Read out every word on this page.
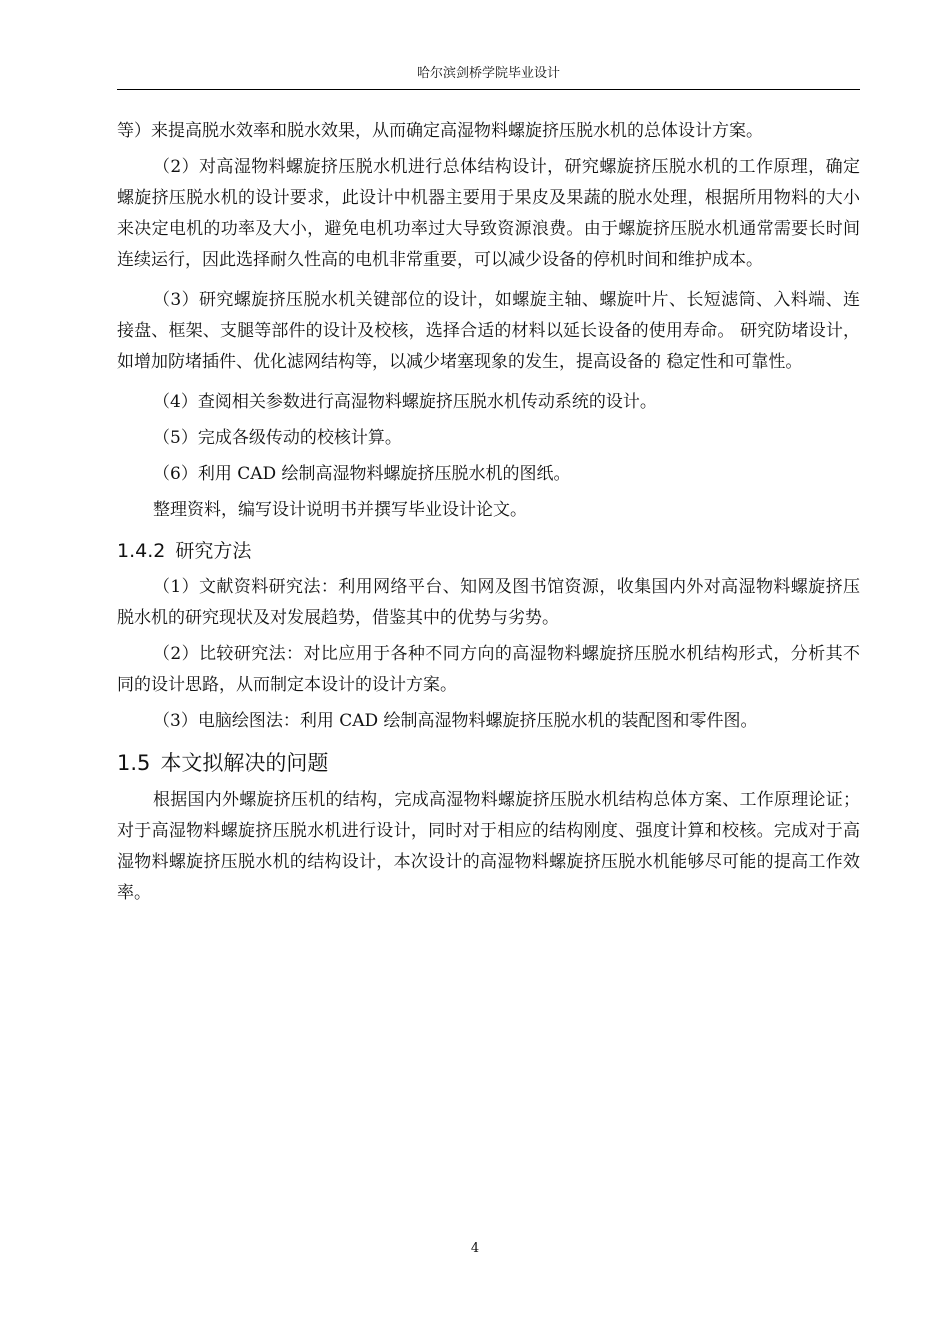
哈尔滨剑桥学院毕业设计

等）来提高脱水效率和脱水效果，从而确定高湿物料螺旋挤压脱水机的总体设计方案。

（2）对高湿物料螺旋挤压脱水机进行总体结构设计，研究螺旋挤压脱水机的工作原理，确定螺旋挤压脱水机的设计要求，此设计中机器主要用于果皮及果蔬的脱水处理，根据所用物料的大小来决定电机的功率及大小，避免电机功率过大导致资源浪费。由于螺旋挤压脱水机通常需要长时间连续运行，因此选择耐久性高的电机非常重要，可以减少设备的停机时间和维护成本。

（3）研究螺旋挤压脱水机关键部位的设计，如螺旋主轴、螺旋叶片、长短滤筒、入料端、连接盘、框架、支腿等部件的设计及校核，选择合适的材料以延长设备的使用寿命。 研究防堵设计，如增加防堵插件、优化滤网结构等，以减少堵塞现象的发生，提高设备的 稳定性和可靠性。

（4）查阅相关参数进行高湿物料螺旋挤压脱水机传动系统的设计。

（5）完成各级传动的校核计算。

（6）利用 CAD 绘制高湿物料螺旋挤压脱水机的图纸。

整理资料，编写设计说明书并撰写毕业设计论文。

1.4.2 研究方法

（1）文献资料研究法：利用网络平台、知网及图书馆资源，收集国内外对高湿物料螺旋挤压脱水机的研究现状及对发展趋势，借鉴其中的优势与劣势。

（2）比较研究法：对比应用于各种不同方向的高湿物料螺旋挤压脱水机结构形式，分析其不同的设计思路，从而制定本设计的设计方案。

（3）电脑绘图法：利用 CAD 绘制高湿物料螺旋挤压脱水机的装配图和零件图。

1.5 本文拟解决的问题

根据国内外螺旋挤压机的结构，完成高湿物料螺旋挤压脱水机结构总体方案、工作原理论证；对于高湿物料螺旋挤压脱水机进行设计，同时对于相应的结构刚度、强度计算和校核。完成对于高湿物料螺旋挤压脱水机的结构设计，本次设计的高湿物料螺旋挤压脱水机能够尽可能的提高工作效率。

4
